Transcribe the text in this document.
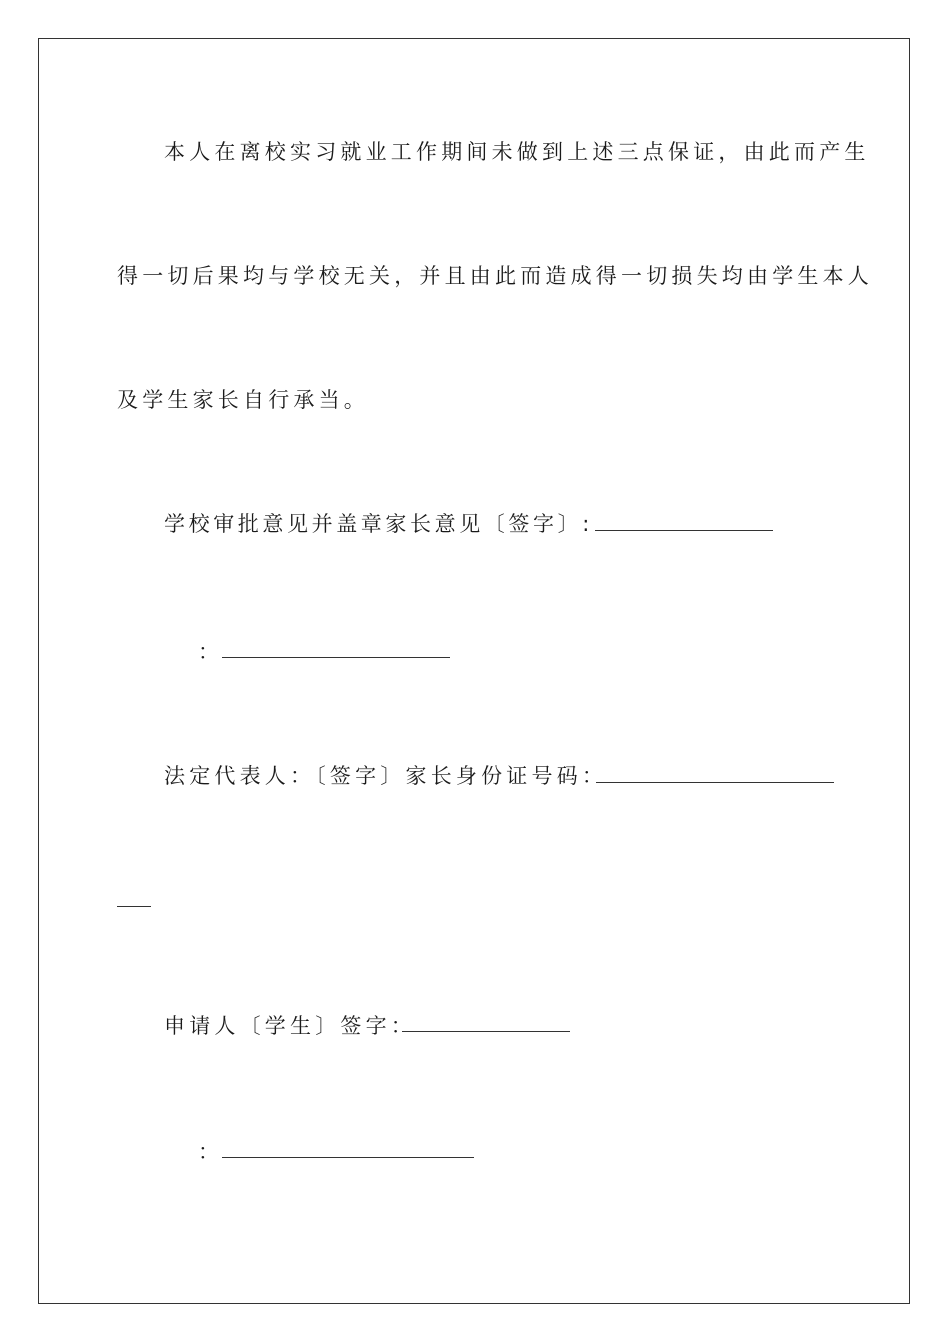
本人在离校实习就业工作期间未做到上述三点保证，由此而产生
得一切后果均与学校无关，并且由此而造成得一切损失均由学生本人
及学生家长自行承当。
学校审批意见并盖章家长意见〔签字〕:
：
法定代表人：〔签字〕家长身份证号码：
申请人〔学生〕签字：
：
